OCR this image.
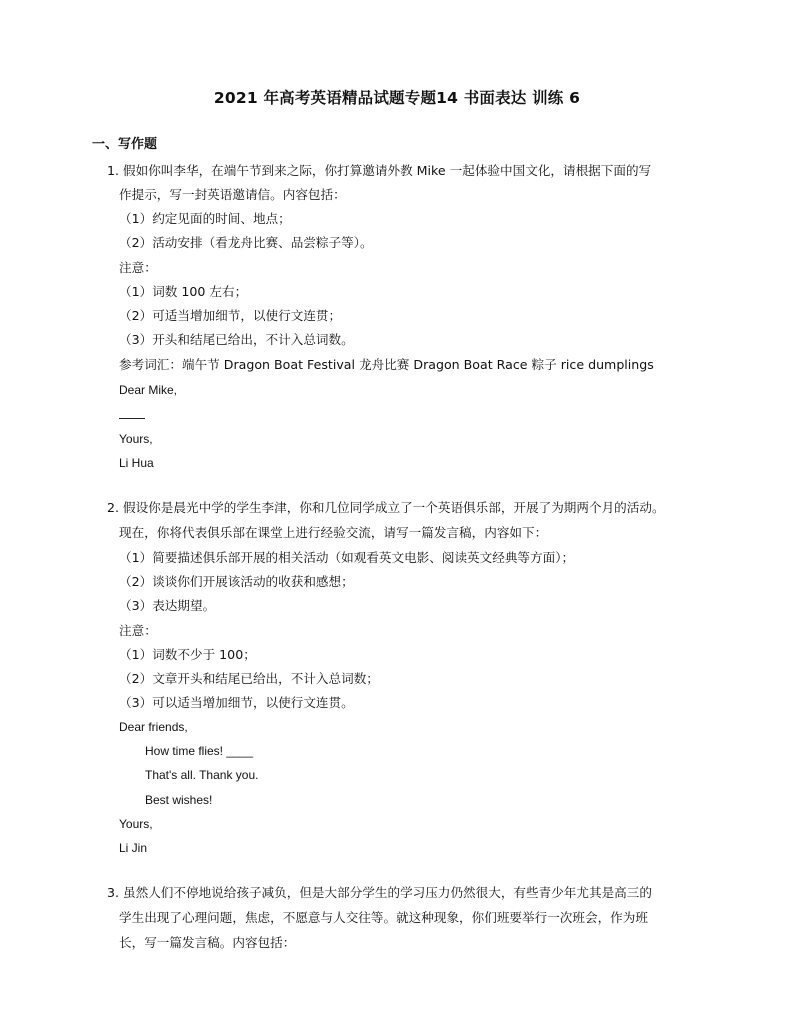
2021 年高考英语精品试题专题14 书面表达 训练 6
一、写作题
1. 假如你叫李华，在端午节到来之际，你打算邀请外教 Mike 一起体验中国文化，请根据下面的写
作提示，写一封英语邀请信。内容包括：
（1）约定见面的时间、地点；
（2）活动安排（看龙舟比赛、品尝粽子等）。
注意：
（1）词数 100 左右；
（2）可适当增加细节，以使行文连贯；
（3）开头和结尾已给出，不计入总词数。
参考词汇：端午节 Dragon Boat Festival 龙舟比赛 Dragon Boat Race 粽子 rice dumplings
Dear Mike,
Yours,
Li Hua
2. 假设你是晨光中学的学生李津，你和几位同学成立了一个英语俱乐部，开展了为期两个月的活动。
现在，你将代表俱乐部在课堂上进行经验交流，请写一篇发言稿，内容如下：
（1）简要描述俱乐部开展的相关活动（如观看英文电影、阅读英文经典等方面）；
（2）谈谈你们开展该活动的收获和感想；
（3）表达期望。
注意：
（1）词数不少于 100；
（2）文章开头和结尾已给出，不计入总词数；
（3）可以适当增加细节，以使行文连贯。
Dear friends,
How time flies! ____
That's all. Thank you.
Best wishes!
Yours,
Li Jin
3. 虽然人们不停地说给孩子减负，但是大部分学生的学习压力仍然很大，有些青少年尤其是高三的
学生出现了心理问题，焦虑，不愿意与人交往等。就这种现象，你们班要举行一次班会，作为班
长，写一篇发言稿。内容包括：
